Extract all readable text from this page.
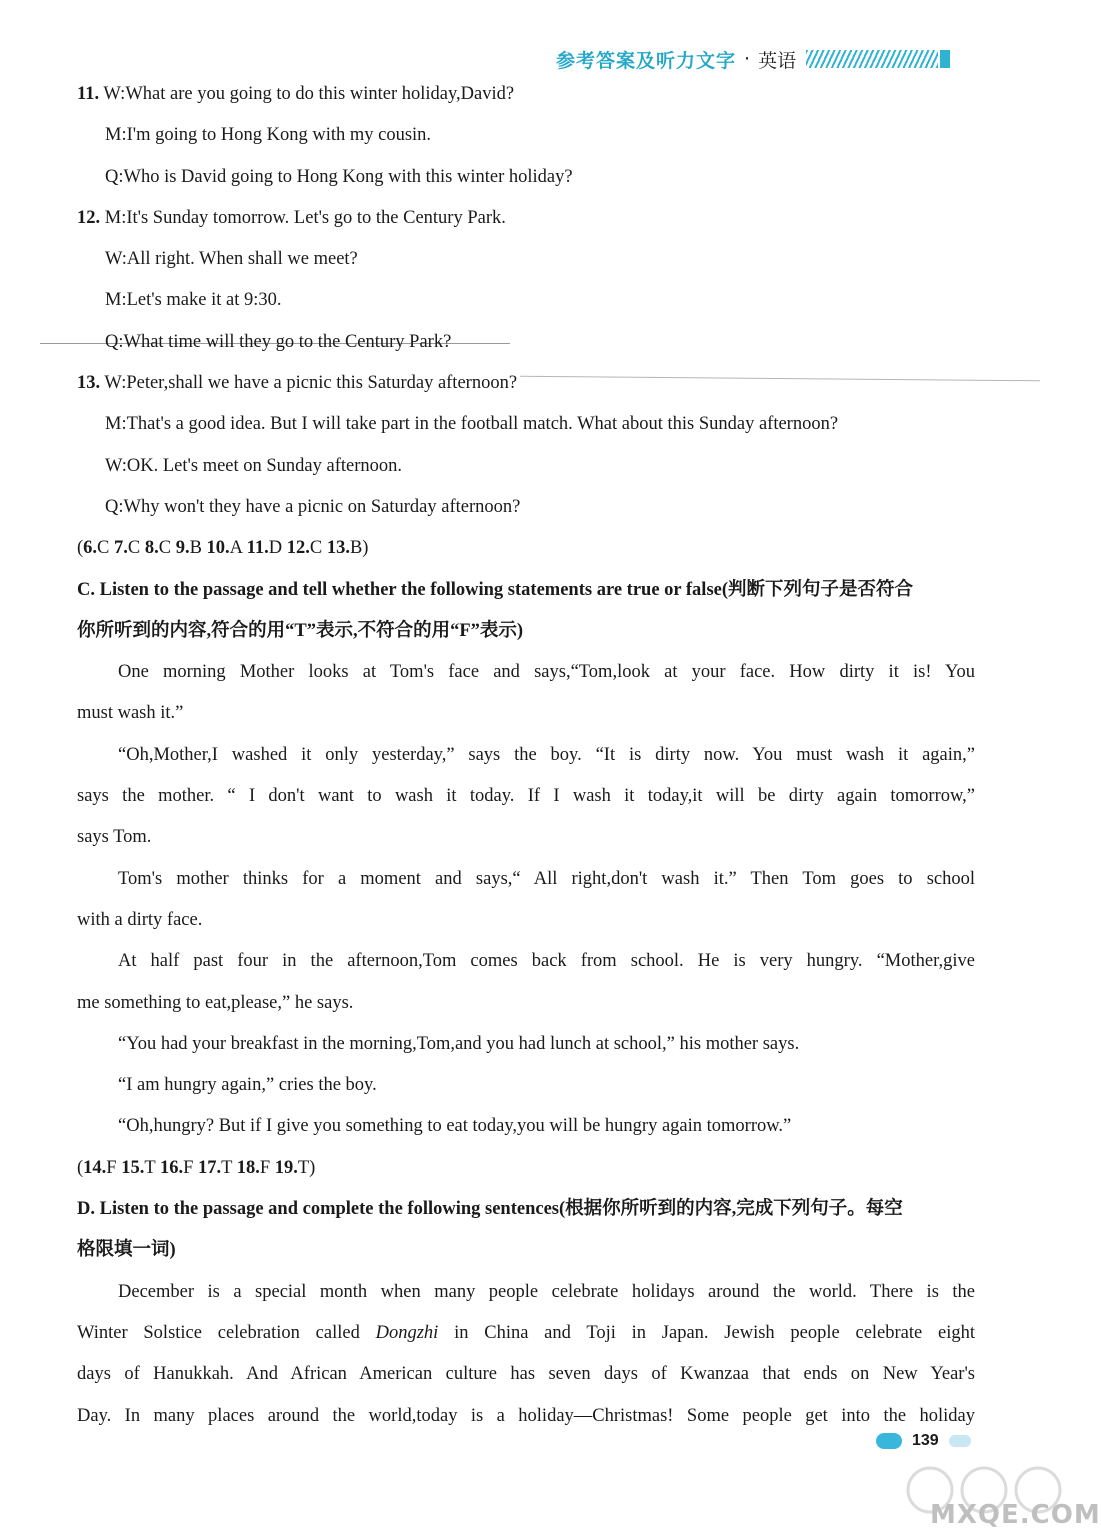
参考答案及听力文字 · 英语
11. W:What are you going to do this winter holiday,David?
M:I'm going to Hong Kong with my cousin.
Q:Who is David going to Hong Kong with this winter holiday?
12. M:It's Sunday tomorrow. Let's go to the Century Park.
W:All right. When shall we meet?
M:Let's make it at 9:30.
Q:What time will they go to the Century Park?
13. W:Peter,shall we have a picnic this Saturday afternoon?
M:That's a good idea. But I will take part in the football match. What about this Sunday afternoon?
W:OK. Let's meet on Sunday afternoon.
Q:Why won't they have a picnic on Saturday afternoon?
(6.C 7.C 8.C 9.B 10.A 11.D 12.C 13.B)
C. Listen to the passage and tell whether the following statements are true or false(判断下列句子是否符合
你所听到的内容,符合的用“T”表示,不符合的用“F”表示)
One morning Mother looks at Tom's face and says,“Tom,look at your face. How dirty it is! You
must wash it.”
“Oh,Mother,I washed it only yesterday,” says the boy. “It is dirty now. You must wash it again,”
says the mother. “ I don't want to wash it today. If I wash it today,it will be dirty again tomorrow,”
says Tom.
Tom's mother thinks for a moment and says,“ All right,don't wash it.” Then Tom goes to school
with a dirty face.
At half past four in the afternoon,Tom comes back from school. He is very hungry. “Mother,give
me something to eat,please,” he says.
“You had your breakfast in the morning,Tom,and you had lunch at school,” his mother says.
“I am hungry again,” cries the boy.
“Oh,hungry? But if I give you something to eat today,you will be hungry again tomorrow.”
(14.F 15.T 16.F 17.T 18.F 19.T)
D. Listen to the passage and complete the following sentences(根据你所听到的内容,完成下列句子。每空
格限填一词)
December is a special month when many people celebrate holidays around the world. There is the
Winter Solstice celebration called Dongzhi in China and Toji in Japan. Jewish people celebrate eight
days of Hanukkah. And African American culture has seven days of Kwanzaa that ends on New Year's
Day. In many places around the world,today is a holiday—Christmas! Some people get into the holiday
139
MXQE.COM
